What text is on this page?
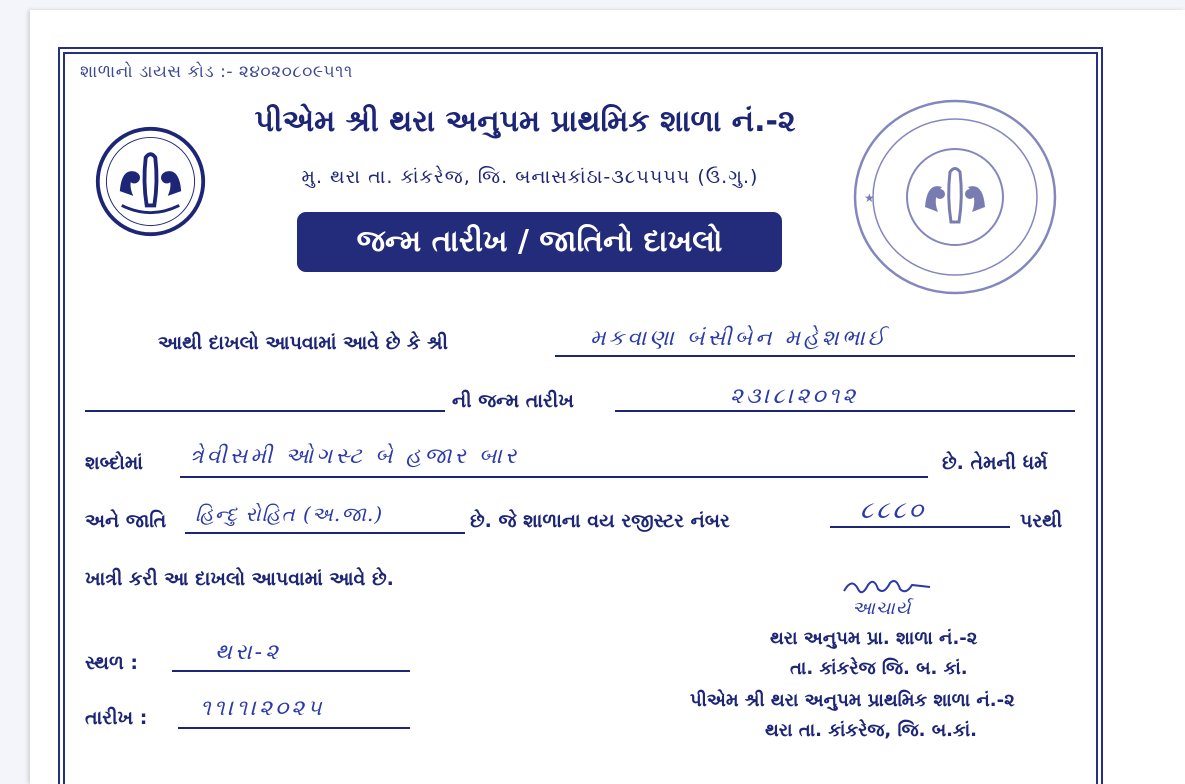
શાળાનો ડાયસ કોડ :- ૨૪૦૨૦૮૦૯૫૧૧
પીએમ શ્રી થરા અનુપમ પ્રાથમિક શાળા નં.-૨
મુ. થરા તા. કાંકરેજ, જિ. બનાસકાંઠા-૩૮૫૫૫૫ (ઉ.ગુ.)
જન્મ તારીખ / જાતિનો દાખલો
★
આથી દાખલો આપવામાં આવે છે કે શ્રી	મકવાણા બંસીબેન મહેશભાઈ
ની જન્મ તારીખ	૨૩।૮।૨૦૧૨
શબ્દોમાં ત્રેવીસમી ઓગસ્ટ બે હજાર બાર	છે. તેમની ધર્મ
અને જાતિ હિન્દુ રોહિત (અ.જા.)	છે. જે શાળાના વય રજીસ્ટર નંબર	૮૮૮૦	પરથી
ખાત્રી કરી આ દાખલો આપવામાં આવે છે.
સ્થળ :	થરા-૨
તારીખ : ૧૧।૧।૨૦૨૫
આચાર્ય
થરા અનુપમ પ્રા. શાળા નં.-૨
તા. કાંકરેજ જિ. બ. કાં.
પીએમ શ્રી થરા અનુપમ પ્રાથમિક શાળા નં.-૨
થરા તા. કાંકરેજ, જિ. બ.કાં.
